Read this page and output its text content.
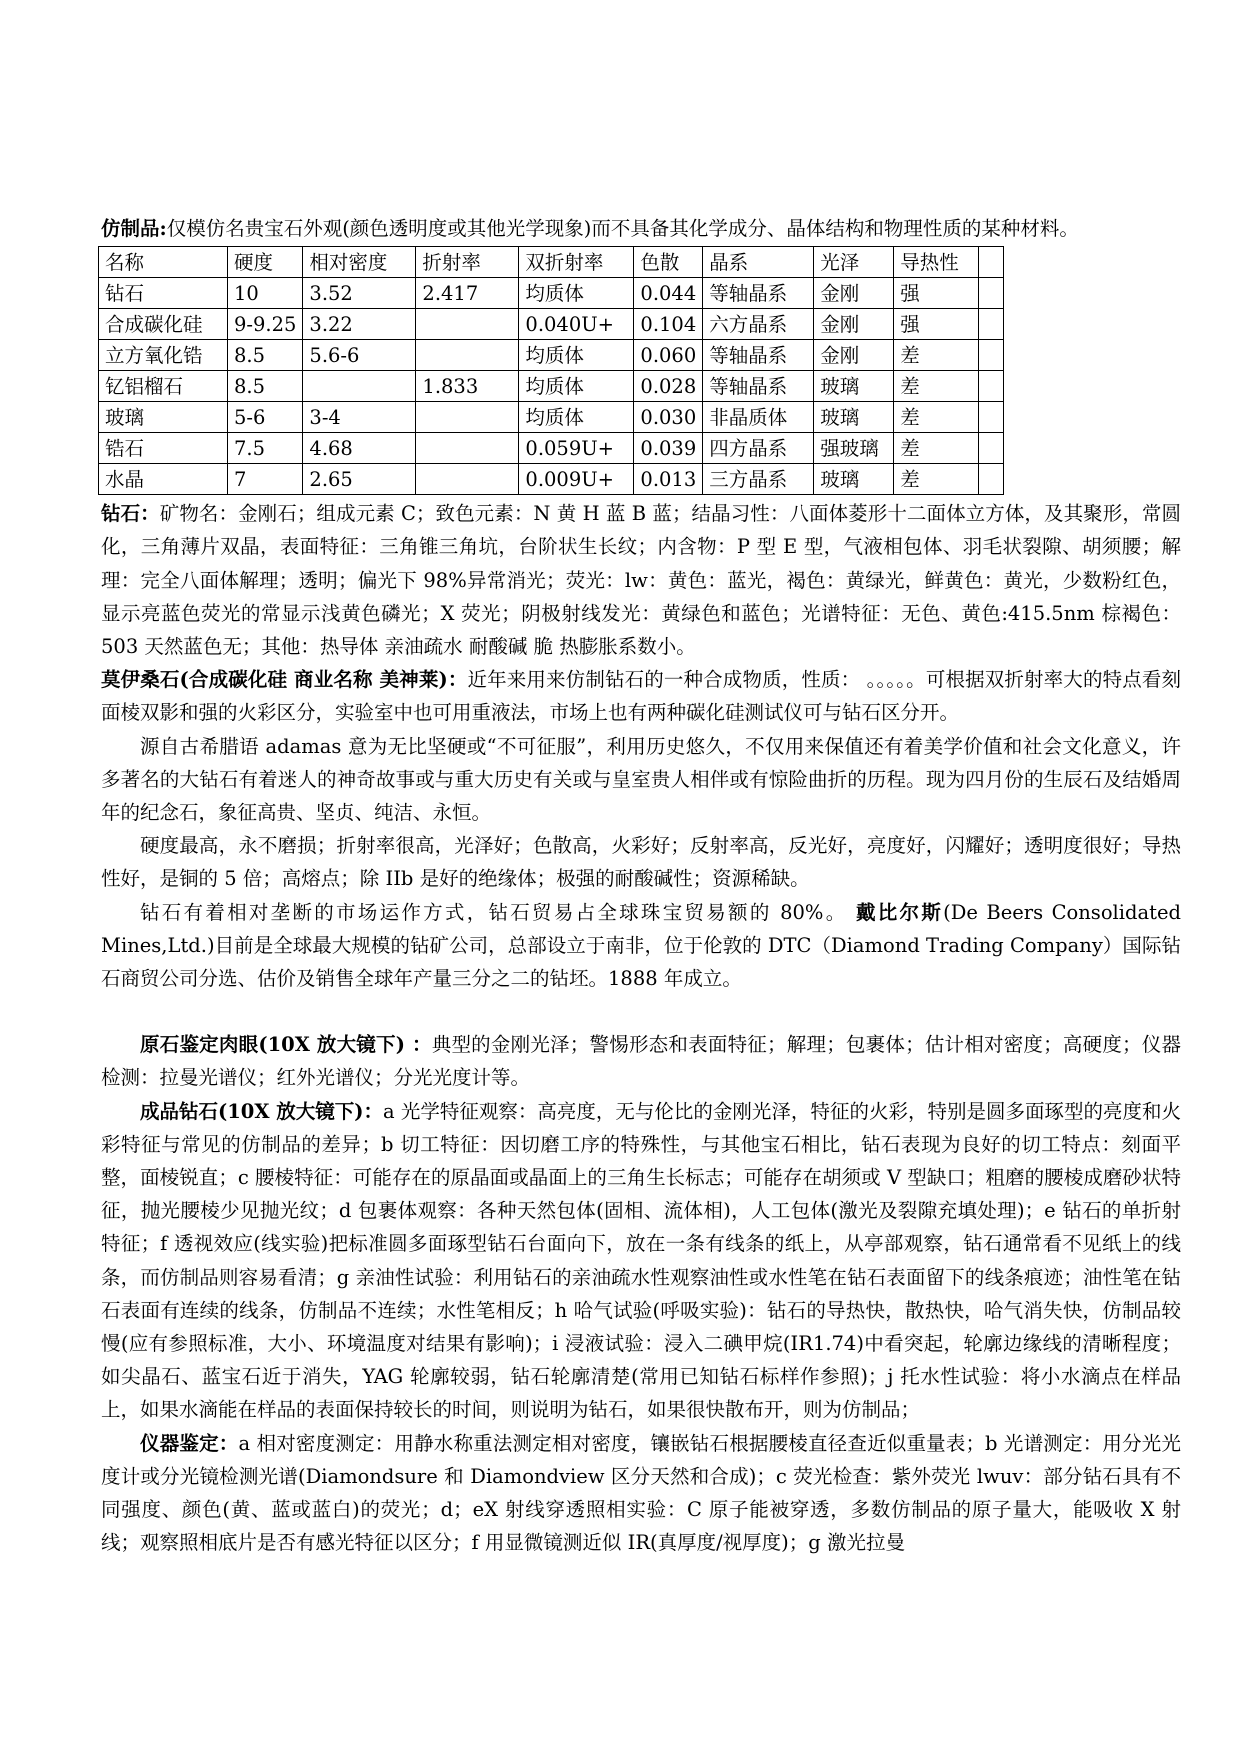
仿制品:仅模仿名贵宝石外观(颜色透明度或其他光学现象)而不具备其化学成分、晶体结构和物理性质的某种材料。

名称	硬度	相对密度	折射率	双折射率	色散	晶系	光泽	导热性	
钻石	10	3.52	2.417	均质体	0.044	等轴晶系	金刚	强	
合成碳化硅	9-9.25	3.22		0.040U+	0.104	六方晶系	金刚	强	
立方氧化锆	8.5	5.6-6		均质体	0.060	等轴晶系	金刚	差	
钇铝榴石	8.5		1.833	均质体	0.028	等轴晶系	玻璃	差	
玻璃	5-6	3-4		均质体	0.030	非晶质体	玻璃	差	
锆石	7.5	4.68		0.059U+	0.039	四方晶系	强玻璃	差	
水晶	7	2.65		0.009U+	0.013	三方晶系	玻璃	差	

钻石：矿物名：金刚石；组成元素 C；致色元素：N 黄 H 蓝 B 蓝；结晶习性：八面体菱形十二面体立方体，及其聚形，常圆化，三角薄片双晶，表面特征：三角锥三角坑，台阶状生长纹；内含物：P 型 E 型，气液相包体、羽毛状裂隙、胡须腰；解理：完全八面体解理；透明；偏光下 98%异常消光；荧光：lw：黄色：蓝光，褐色：黄绿光，鲜黄色：黄光，少数粉红色，显示亮蓝色荧光的常显示浅黄色磷光；X 荧光；阴极射线发光：黄绿色和蓝色；光谱特征：无色、黄色:415.5nm 棕褐色：503 天然蓝色无；其他：热导体 亲油疏水 耐酸碱 脆 热膨胀系数小。

莫伊桑石(合成碳化硅 商业名称 美神莱)：近年来用来仿制钻石的一种合成物质，性质： 。。。。。可根据双折射率大的特点看刻面棱双影和强的火彩区分，实验室中也可用重液法，市场上也有两种碳化硅测试仪可与钻石区分开。

源自古希腊语 adamas 意为无比坚硬或“不可征服”，利用历史悠久，不仅用来保值还有着美学价值和社会文化意义，许多著名的大钻石有着迷人的神奇故事或与重大历史有关或与皇室贵人相伴或有惊险曲折的历程。现为四月份的生辰石及结婚周年的纪念石，象征高贵、坚贞、纯洁、永恒。

硬度最高，永不磨损；折射率很高，光泽好；色散高，火彩好；反射率高，反光好，亮度好，闪耀好；透明度很好；导热性好，是铜的 5 倍；高熔点；除 IIb 是好的绝缘体；极强的耐酸碱性；资源稀缺。

钻石有着相对垄断的市场运作方式，钻石贸易占全球珠宝贸易额的 80%。 戴比尔斯(De Beers Consolidated Mines,Ltd.)目前是全球最大规模的钻矿公司，总部设立于南非，位于伦敦的 DTC（Diamond Trading Company）国际钻石商贸公司分选、估价及销售全球年产量三分之二的钻坯。1888 年成立。

原石鉴定肉眼(10X 放大镜下) ：典型的金刚光泽；警惕形态和表面特征；解理；包裹体；估计相对密度；高硬度；仪器检测：拉曼光谱仪；红外光谱仪；分光光度计等。

成品钻石(10X 放大镜下)：a 光学特征观察：高亮度，无与伦比的金刚光泽，特征的火彩，特别是圆多面琢型的亮度和火彩特征与常见的仿制品的差异；b 切工特征：因切磨工序的特殊性，与其他宝石相比，钻石表现为良好的切工特点：刻面平整，面棱锐直；c 腰棱特征：可能存在的原晶面或晶面上的三角生长标志；可能存在胡须或 V 型缺口；粗磨的腰棱成磨砂状特征，抛光腰棱少见抛光纹；d 包裹体观察：各种天然包体(固相、流体相)，人工包体(激光及裂隙充填处理)；e 钻石的单折射特征；f 透视效应(线实验)把标准圆多面琢型钻石台面向下，放在一条有线条的纸上，从亭部观察，钻石通常看不见纸上的线条，而仿制品则容易看清；g 亲油性试验：利用钻石的亲油疏水性观察油性或水性笔在钻石表面留下的线条痕迹；油性笔在钻石表面有连续的线条，仿制品不连续；水性笔相反；h 哈气试验(呼吸实验)：钻石的导热快，散热快，哈气消失快，仿制品较慢(应有参照标准，大小、环境温度对结果有影响)；i 浸液试验：浸入二碘甲烷(IR1.74)中看突起，轮廓边缘线的清晰程度；如尖晶石、蓝宝石近于消失，YAG 轮廓较弱，钻石轮廓清楚(常用已知钻石标样作参照)；j 托水性试验：将小水滴点在样品上，如果水滴能在样品的表面保持较长的时间，则说明为钻石，如果很快散布开，则为仿制品；

仪器鉴定：a 相对密度测定：用静水称重法测定相对密度，镶嵌钻石根据腰棱直径查近似重量表；b 光谱测定：用分光光度计或分光镜检测光谱(Diamondsure 和 Diamondview 区分天然和合成)；c 荧光检查：紫外荧光 lwuv：部分钻石具有不同强度、颜色(黄、蓝或蓝白)的荧光；d；eX 射线穿透照相实验：C 原子能被穿透，多数仿制品的原子量大，能吸收 X 射线；观察照相底片是否有感光特征以区分；f 用显微镜测近似 IR(真厚度/视厚度)；g 激光拉曼
